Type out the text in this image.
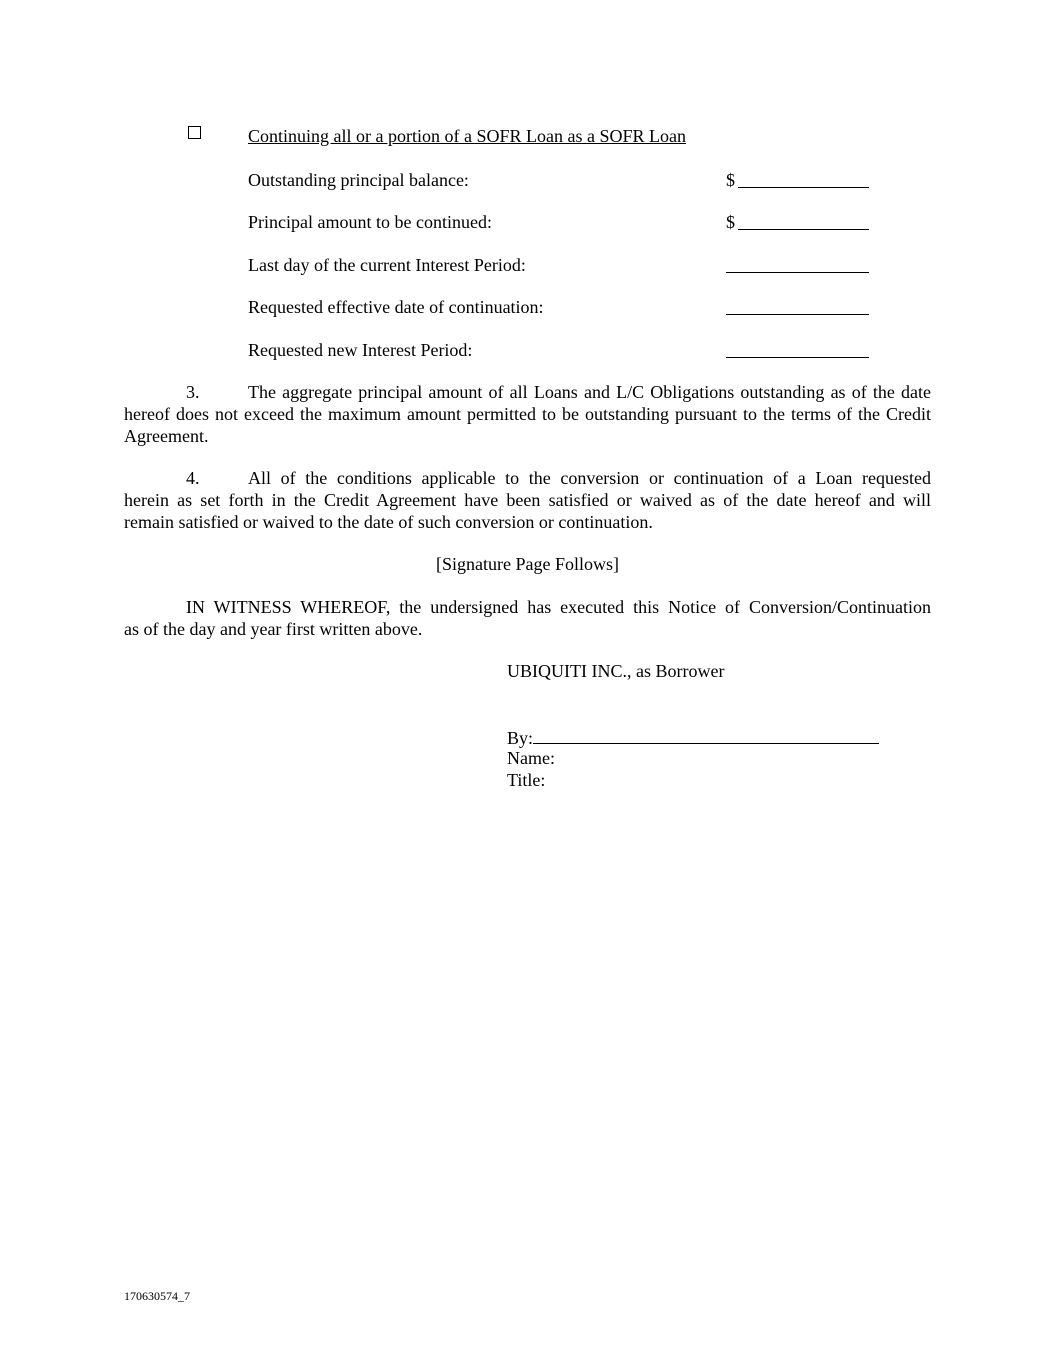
Continuing all or a portion of a SOFR Loan as a SOFR Loan
Outstanding principal balance:	$
Principal amount to be continued:	$
Last day of the current Interest Period:
Requested effective date of continuation:
Requested new Interest Period:
3.	The aggregate principal amount of all Loans and L/C Obligations outstanding as of the date
hereof does not exceed the maximum amount permitted to be outstanding pursuant to the terms of the Credit
Agreement.
4.	All of the conditions applicable to the conversion or continuation of a Loan requested
herein as set forth in the Credit Agreement have been satisfied or waived as of the date hereof and will
remain satisfied or waived to the date of such conversion or continuation.
[Signature Page Follows]
IN WITNESS WHEREOF, the undersigned has executed this Notice of Conversion/Continuation
as of the day and year first written above.
UBIQUITI INC., as Borrower
By:
Name:
Title:
170630574_7
